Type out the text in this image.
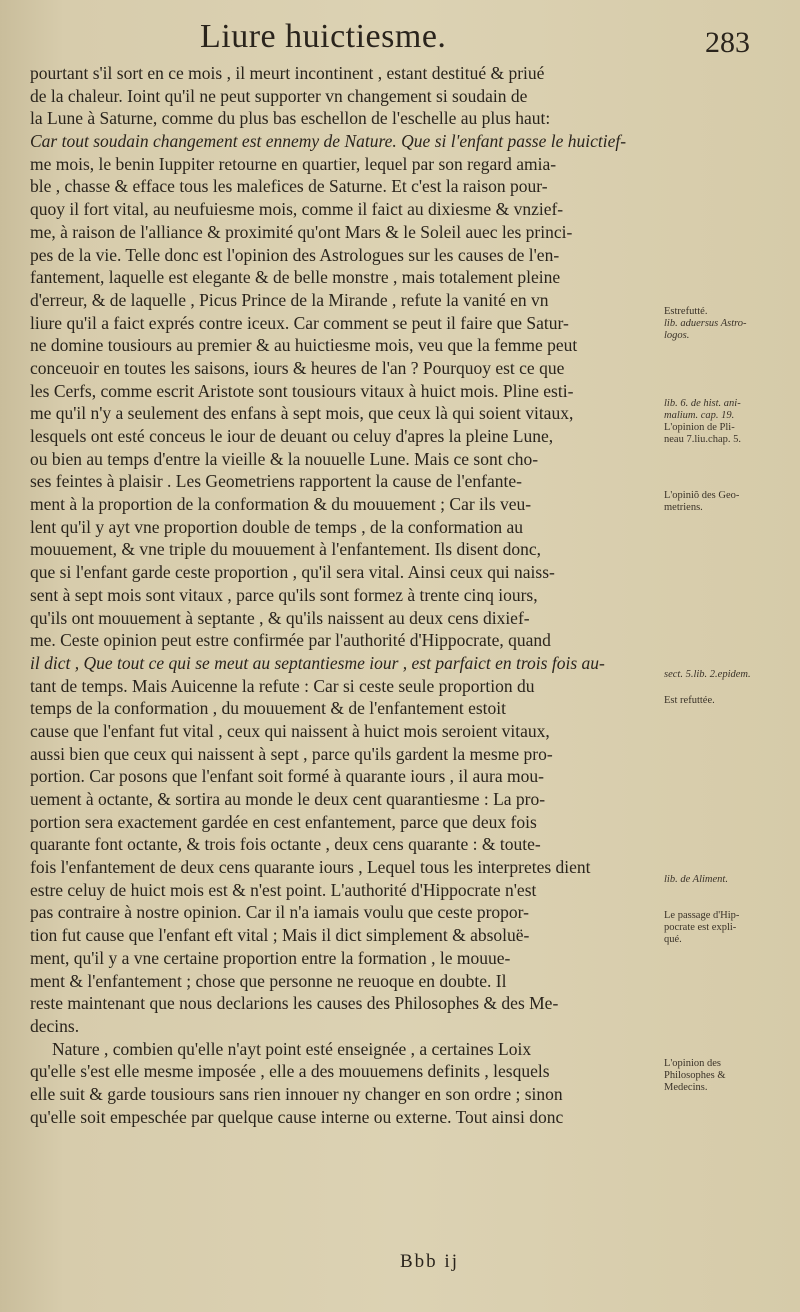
Liure huictiesme.	283
pourtant s'il sort en ce mois , il meurt incontinent , estant destitué & priué
de la chaleur. Ioint qu'il ne peut supporter vn changement si soudain de
la Lune à Saturne, comme du plus bas eschellon de l'eschelle au plus haut:
Car tout soudain changement est ennemy de Nature. Que si l'enfant passe le huictief-
me mois, le benin Iuppiter retourne en quartier, lequel par son regard amia-
ble , chasse & efface tous les malefices de Saturne. Et c'est la raison pour-
quoy il fort vital, au neufuiesme mois, comme il faict au dixiesme & vnzief-
me, à raison de l'alliance & proximité qu'ont Mars & le Soleil auec les princi-
pes de la vie. Telle donc est l'opinion des Astrologues sur les causes de l'en-
fantement, laquelle est elegante & de belle monstre , mais totalement pleine
d'erreur, & de laquelle , Picus Prince de la Mirande , refute la vanité en vn
liure qu'il a faict exprés contre iceux. Car comment se peut il faire que Satur-
ne domine tousiours au premier & au huictiesme mois, veu que la femme peut
conceuoir en toutes les saisons, iours & heures de l'an ? Pourquoy est ce que
les Cerfs, comme escrit Aristote sont tousiours vitaux à huict mois. Pline esti-
me qu'il n'y a seulement des enfans à sept mois, que ceux là qui soient vitaux,
lesquels ont esté conceus le iour de deuant ou celuy d'apres la pleine Lune,
ou bien au temps d'entre la vieille & la nouuelle Lune. Mais ce sont cho-
ses feintes à plaisir . Les Geometriens rapportent la cause de l'enfante-
ment à la proportion de la conformation & du mouuement ; Car ils veu-
lent qu'il y ayt vne proportion double de temps , de la conformation au
mouuement, & vne triple du mouuement à l'enfantement. Ils disent donc,
que si l'enfant garde ceste proportion , qu'il sera vital. Ainsi ceux qui naiss-
sent à sept mois sont vitaux , parce qu'ils sont formez à trente cinq iours,
qu'ils ont mouuement à septante , & qu'ils naissent au deux cens dixief-
me. Ceste opinion peut estre confirmée par l'authorité d'Hippocrate, quand
il dict , Que tout ce qui se meut au septantiesme iour , est parfaict en trois fois au-
tant de temps. Mais Auicenne la refute : Car si ceste seule proportion du
temps de la conformation , du mouuement & de l'enfantement estoit
cause que l'enfant fut vital , ceux qui naissent à huict mois seroient vitaux,
aussi bien que ceux qui naissent à sept , parce qu'ils gardent la mesme pro-
portion. Car posons que l'enfant soit formé à quarante iours , il aura mou-
uement à octante, & sortira au monde le deux cent quarantiesme : La pro-
portion sera exactement gardée en cest enfantement, parce que deux fois
quarante font octante, & trois fois octante , deux cens quarante : & toute-
fois l'enfantement de deux cens quarante iours , Lequel tous les interpretes dient
estre celuy de huict mois est & n'est point. L'authorité d'Hippocrate n'est
pas contraire à nostre opinion. Car il n'a iamais voulu que ceste propor-
tion fut cause que l'enfant eft vital ; Mais il dict simplement & absoluë-
ment, qu'il y a vne certaine proportion entre la formation , le mouue-
ment & l'enfantement ; chose que personne ne reuoque en doubte. Il
reste maintenant que nous declarions les causes des Philosophes & des Me-
decins.
Nature , combien qu'elle n'ayt point esté enseignée , a certaines Loix
qu'elle s'est elle mesme imposée , elle a des mouuemens definits , lesquels
elle suit & garde tousiours sans rien innouer ny changer en son ordre ; sinon
qu'elle soit empeschée par quelque cause interne ou externe. Tout ainsi donc
Bbb ij
Estrefutté.
lib. aduersus Astro-
logos.
lib. 6. de hist. ani-
malium. cap. 19.
L'opinion de Pli-
neau 7.liu.chap. 5.
L'opiniõ des Geo-
metriens.
sect. 5.lib. 2.epidem.
Est refuttée.
lib. de Aliment.
Le passage d'Hip-
pocrate est expli-
qué.
L'opinion des
Philosophes &
Medecins.
